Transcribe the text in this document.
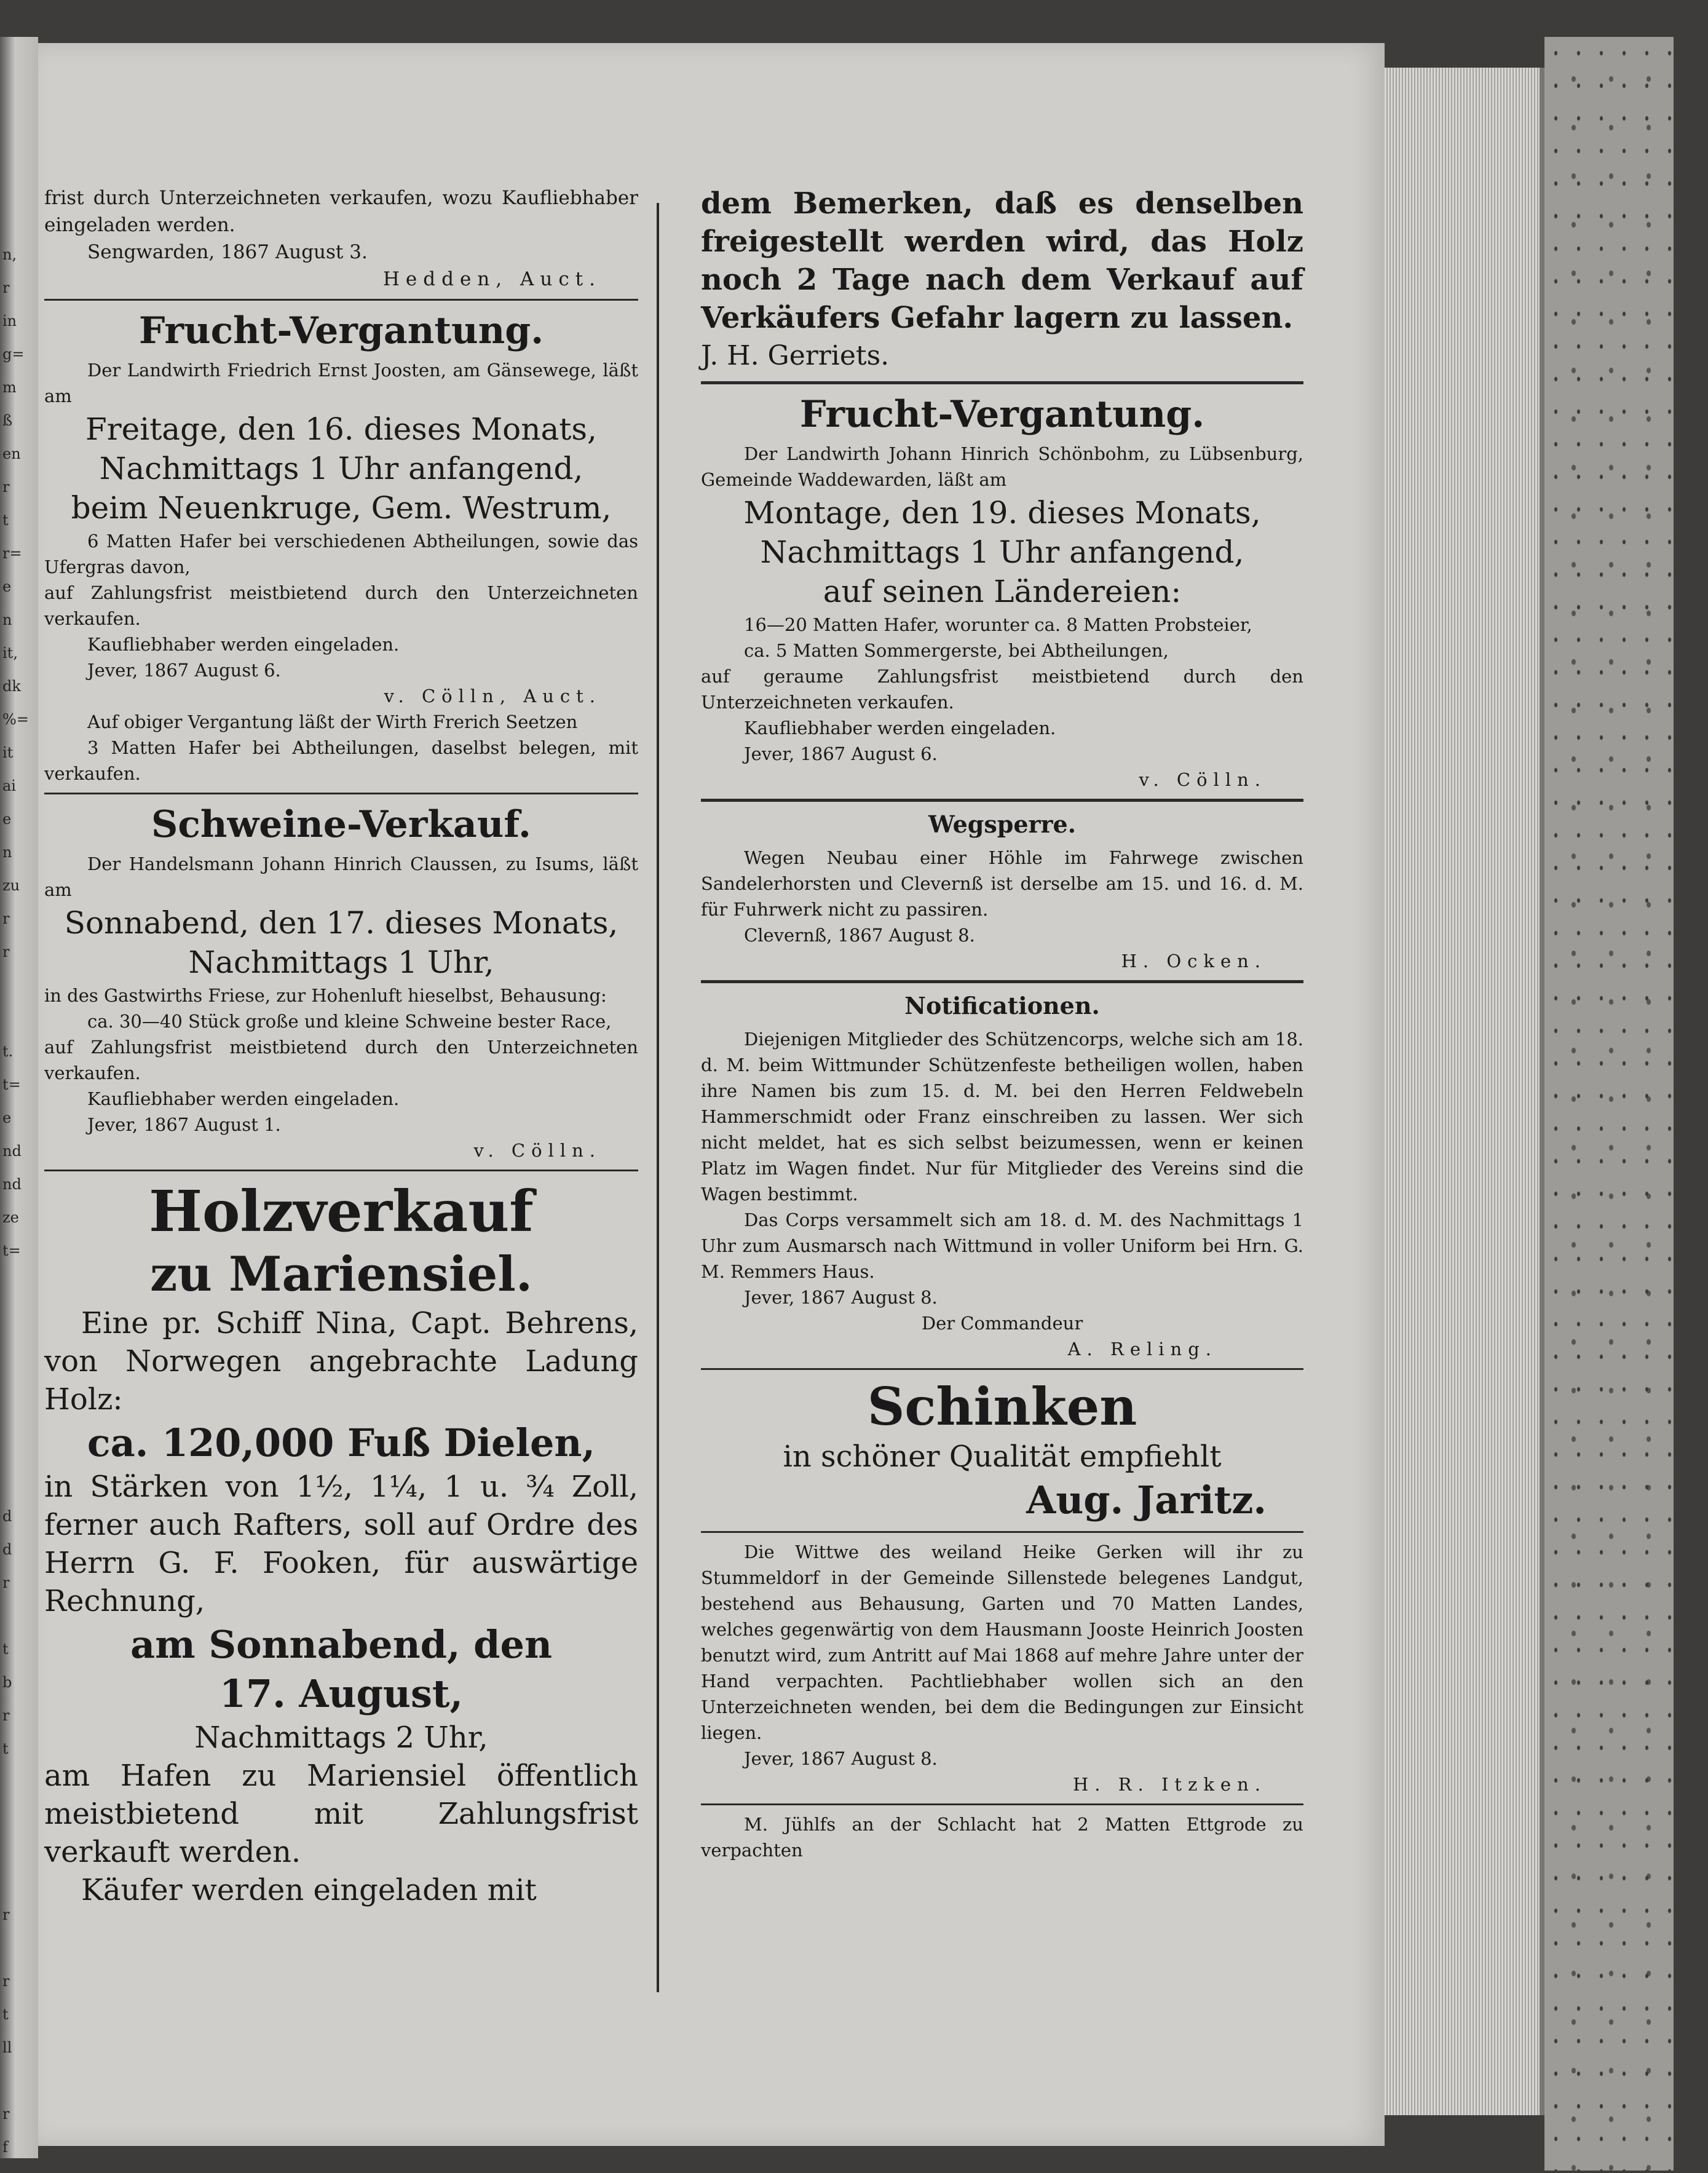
n,
r
in
g=
m
ß
en
r
t
r=
e
n
it,
dk
%=
it
ai
e
n
zu
r
r
t.
t=
e
nd
nd
ze
t=
d
d
r
t
b
r
t
r
r
t
ll
r
f

frist durch Unterzeichneten verkaufen, wozu Kaufliebhaber eingeladen werden.

Sengwarden, 1867 August 3.

Hedden, Auct.

Frucht-Vergantung.

Der Landwirth Friedrich Ernst Joosten, am Gänsewege, läßt am

Freitage, den 16. dieses Monats,
Nachmittags 1 Uhr anfangend,
beim Neuenkruge, Gem. Westrum,

6 Matten Hafer bei verschiedenen Abtheilungen, sowie das Ufergras davon,

auf Zahlungsfrist meistbietend durch den Unterzeichneten verkaufen.

Kaufliebhaber werden eingeladen.

Jever, 1867 August 6.

v. Cölln, Auct.

Auf obiger Vergantung läßt der Wirth Frerich Seetzen

3 Matten Hafer bei Abtheilungen, daselbst belegen, mit verkaufen.

Schweine-Verkauf.

Der Handelsmann Johann Hinrich Claussen, zu Isums, läßt am

Sonnabend, den 17. dieses Monats,
Nachmittags 1 Uhr,

in des Gastwirths Friese, zur Hohenluft hieselbst, Behausung:

ca. 30—40 Stück große und kleine Schweine bester Race,

auf Zahlungsfrist meistbietend durch den Unterzeichneten verkaufen.

Kaufliebhaber werden eingeladen.

Jever, 1867 August 1.

v. Cölln.

Holzverkauf
zu Mariensiel.

Eine pr. Schiff Nina, Capt. Behrens, von Norwegen angebrachte Ladung Holz:

ca. 120,000 Fuß Dielen,

in Stärken von 1½, 1¼, 1 u. ¾ Zoll, ferner auch Rafters, soll auf Ordre des Herrn G. F. Fooken, für auswärtige Rechnung,

am Sonnabend, den

17. August,

Nachmittags 2 Uhr,

am Hafen zu Mariensiel öffentlich meistbietend mit Zahlungsfrist verkauft werden.

Käufer werden eingeladen mit

dem Bemerken, daß es denselben freigestellt werden wird, das Holz noch 2 Tage nach dem Verkauf auf Verkäufers Gefahr lagern zu lassen.

J. H. Gerriets.

Frucht-Vergantung.

Der Landwirth Johann Hinrich Schönbohm, zu Lübsenburg, Gemeinde Waddewarden, läßt am

Montage, den 19. dieses Monats,
Nachmittags 1 Uhr anfangend,
auf seinen Ländereien:

16—20 Matten Hafer, worunter ca. 8 Matten Probsteier,

ca. 5 Matten Sommergerste, bei Abtheilungen,

auf geraume Zahlungsfrist meistbietend durch den Unterzeichneten verkaufen.

Kaufliebhaber werden eingeladen.

Jever, 1867 August 6.

v. Cölln.

Wegsperre.

Wegen Neubau einer Höhle im Fahrwege zwischen Sandelerhorsten und Clevernß ist derselbe am 15. und 16. d. M. für Fuhrwerk nicht zu passiren.

Clevernß, 1867 August 8.

H. Ocken.

Notificationen.

Diejenigen Mitglieder des Schützencorps, welche sich am 18. d. M. beim Wittmunder Schützenfeste betheiligen wollen, haben ihre Namen bis zum 15. d. M. bei den Herren Feldwebeln Hammerschmidt oder Franz einschreiben zu lassen. Wer sich nicht meldet, hat es sich selbst beizumessen, wenn er keinen Platz im Wagen findet. Nur für Mitglieder des Vereins sind die Wagen bestimmt.

Das Corps versammelt sich am 18. d. M. des Nachmittags 1 Uhr zum Ausmarsch nach Wittmund in voller Uniform bei Hrn. G. M. Remmers Haus.

Jever, 1867 August 8.

Der Commandeur

A. Reling.

Schinken

in schöner Qualität empfiehlt

Aug. Jaritz.

Die Wittwe des weiland Heike Gerken will ihr zu Stummeldorf in der Gemeinde Sillenstede belegenes Landgut, bestehend aus Behausung, Garten und 70 Matten Landes, welches gegenwärtig von dem Hausmann Jooste Heinrich Joosten benutzt wird, zum Antritt auf Mai 1868 auf mehre Jahre unter der Hand verpachten. Pachtliebhaber wollen sich an den Unterzeichneten wenden, bei dem die Bedingungen zur Einsicht liegen.

Jever, 1867 August 8.

H. R. Itzken.

M. Jühlfs an der Schlacht hat 2 Matten Ettgrode zu verpachten
